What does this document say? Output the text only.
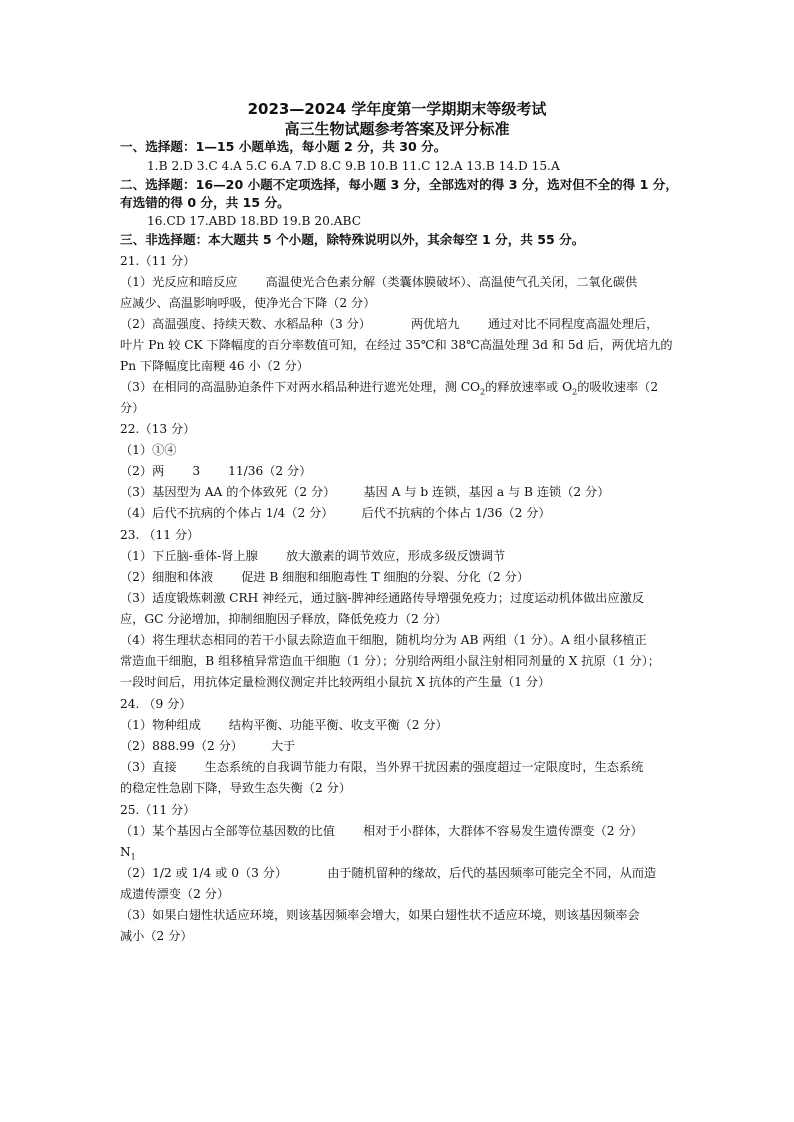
2023—2024 学年度第一学期期末等级考试
高三生物试题参考答案及评分标准
一、选择题：1—15 小题单选，每小题 2 分，共 30 分。
1.B 2.D 3.C 4.A 5.C 6.A 7.D 8.C 9.B 10.B 11.C 12.A 13.B 14.D 15.A
二、选择题：16—20 小题不定项选择，每小题 3 分，全部选对的得 3 分，选对但不全的得 1 分，
有选错的得 0 分，共 15 分。
16.CD 17.ABD 18.BD 19.B 20.ABC
三、非选择题：本大题共 5 个小题，除特殊说明以外，其余每空 1 分，共 55 分。
21.（11 分）
（1）光反应和暗反应 高温使光合色素分解（类囊体膜破坏）、高温使气孔关闭，二氧化碳供
应减少、高温影响呼吸，使净光合下降（2 分）
（2）高温强度、持续天数、水稻品种（3 分）	两优培九 通过对比不同程度高温处理后，
叶片 Pn 较 CK 下降幅度的百分率数值可知，在经过 35℃和 38℃高温处理 3d 和 5d 后，两优培九的
Pn 下降幅度比南粳 46 小（2 分）
（3）在相同的高温胁迫条件下对两水稻品种进行遮光处理，测 $CO_2$的释放速率或 $O_2$的吸收速率（2
分）
22.（13 分）
（1）①④
（2）两 3 11/36（2 分）
（3）基因型为 AA 的个体致死（2 分） 基因 A 与 b 连锁，基因 a 与 B 连锁（2 分）
（4）后代不抗病的个体占 1/4（2 分） 后代不抗病的个体占 1/36（2 分）
23. （11 分）
（1）下丘脑-垂体-肾上腺 放大激素的调节效应，形成多级反馈调节
（2）细胞和体液 促进 B 细胞和细胞毒性 T 细胞的分裂、分化（2 分）
（3）适度锻炼刺激 CRH 神经元，通过脑-脾神经通路传导增强免疫力；过度运动机体做出应激反
应，GC 分泌增加，抑制细胞因子释放，降低免疫力（2 分）
（4）将生理状态相同的若干小鼠去除造血干细胞，随机均分为 AB 两组（1 分）。A 组小鼠移植正
常造血干细胞，B 组移植异常造血干细胞（1 分）；分别给两组小鼠注射相同剂量的 X 抗原（1 分）；
一段时间后，用抗体定量检测仪测定并比较两组小鼠抗 X 抗体的产生量（1 分）
24. （9 分）
（1）物种组成 结构平衡、功能平衡、收支平衡（2 分）
（2）888.99（2 分） 大于
（3）直接 生态系统的自我调节能力有限，当外界干扰因素的强度超过一定限度时，生态系统
的稳定性急剧下降，导致生态失衡（2 分）
25.（11 分）
（1）某个基因占全部等位基因数的比值 相对于小群体，大群体不容易发生遗传漂变（2 分）
$N_1$
（2）1/2 或 1/4 或 0（3 分）	由于随机留种的缘故，后代的基因频率可能完全不同，从而造
成遗传漂变（2 分）
（3）如果白翅性状适应环境，则该基因频率会增大，如果白翅性状不适应环境，则该基因频率会
减小（2 分）
